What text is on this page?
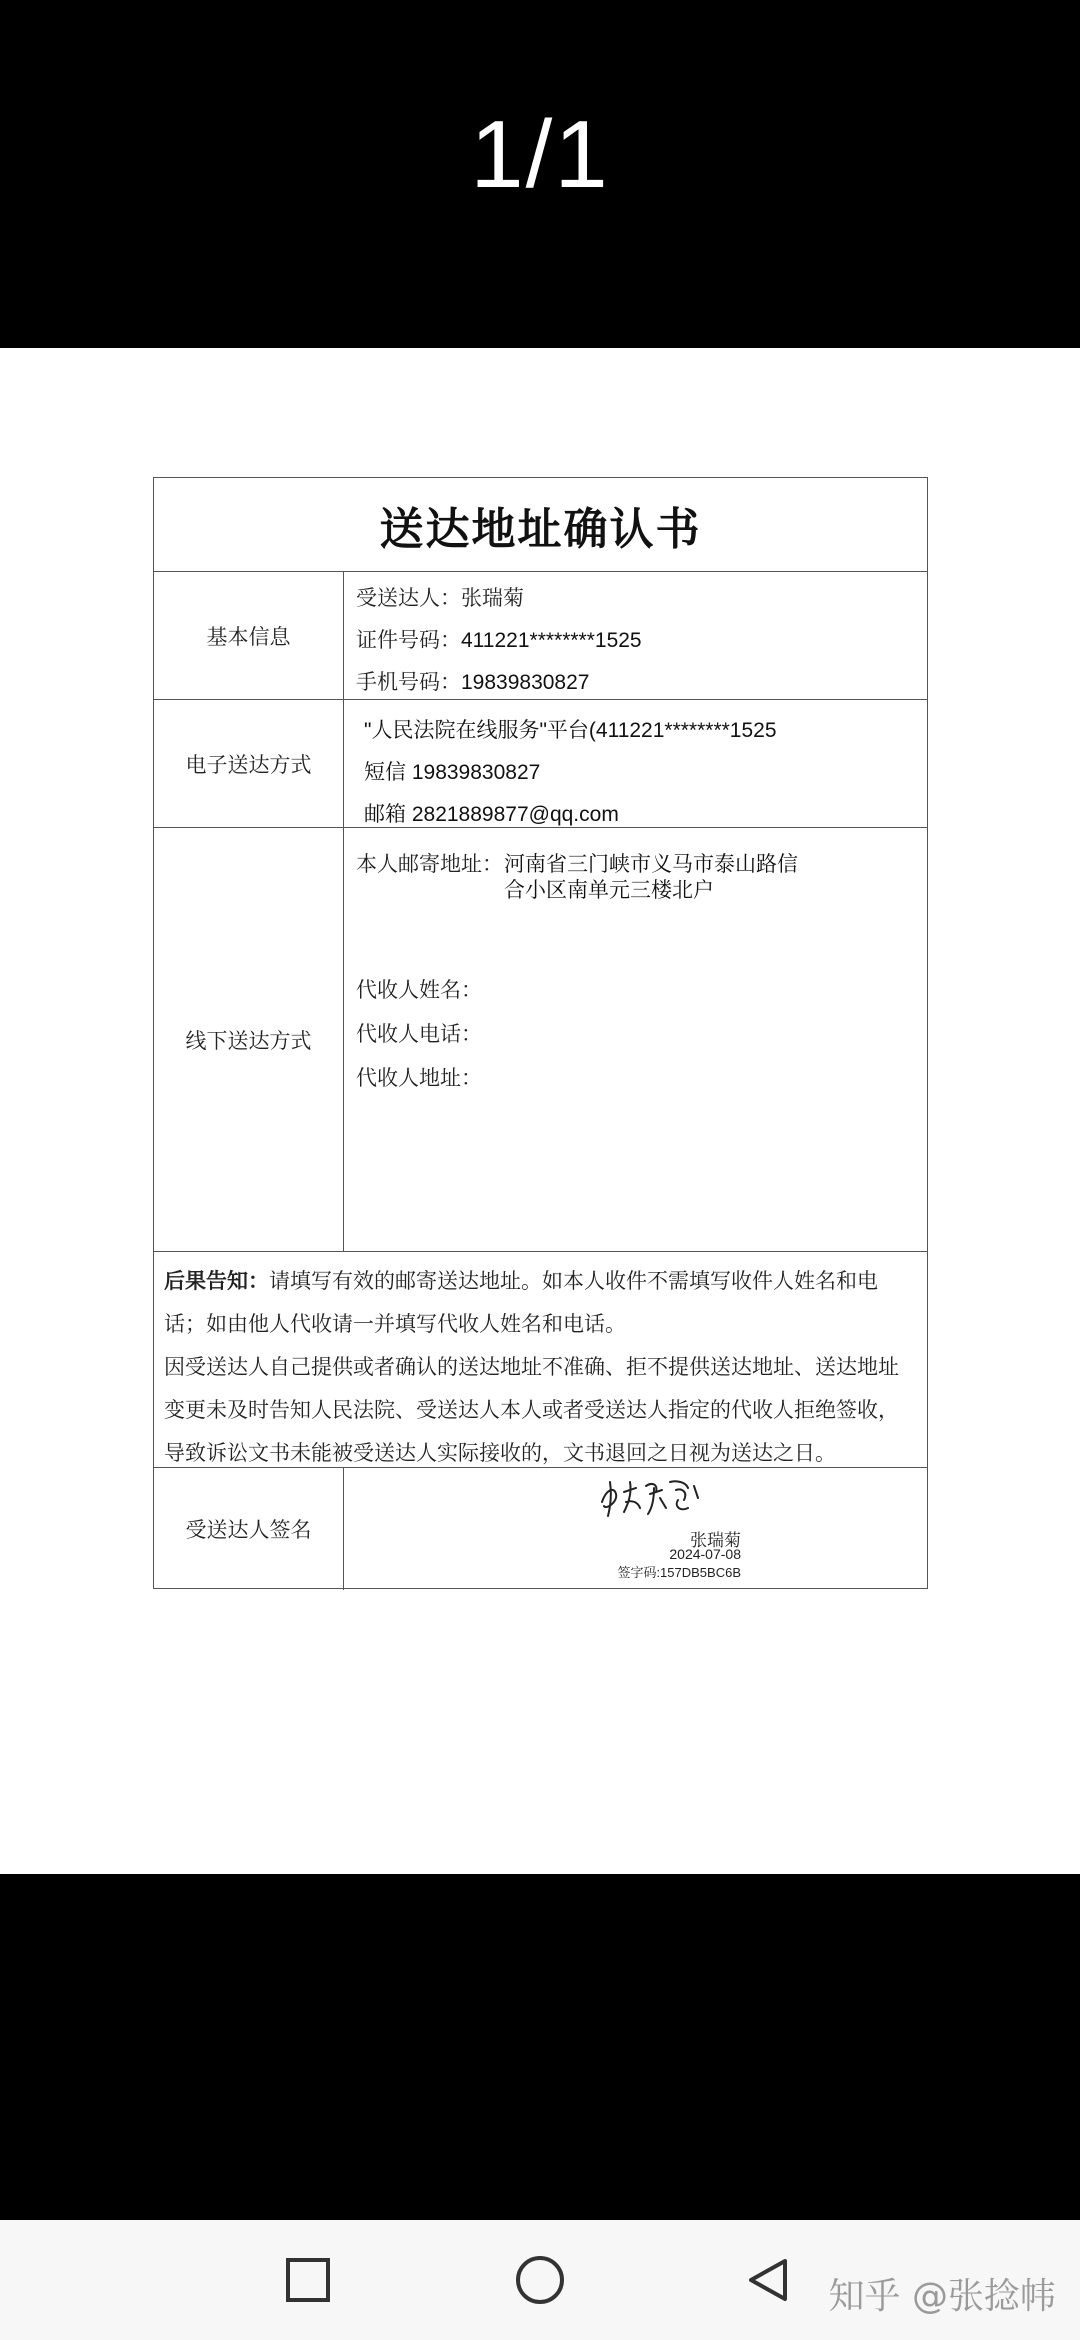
1/1
送达地址确认书
基本信息
受送达人：张瑞菊
证件号码：411221********1525
手机号码：19839830827
电子送达方式
"人民法院在线服务"平台(411221********1525
短信 19839830827
邮箱 2821889877@qq.com
线下送达方式
本人邮寄地址： 河南省三门峡市义马市泰山路信
合小区南单元三楼北户
代收人姓名：
代收人电话：
代收人地址：
后果告知：请填写有效的邮寄送达地址。如本人收件不需填写收件人姓名和电话；如由他人代收请一并填写代收人姓名和电话。
因受送达人自己提供或者确认的送达地址不准确、拒不提供送达地址、送达地址变更未及时告知人民法院、受送达人本人或者受送达人指定的代收人拒绝签收，导致诉讼文书未能被受送达人实际接收的，文书退回之日视为送达之日。
受送达人签名	张瑞菊
2024-07-08
签字码:157DB5BC6B
知乎 @张捻帏
